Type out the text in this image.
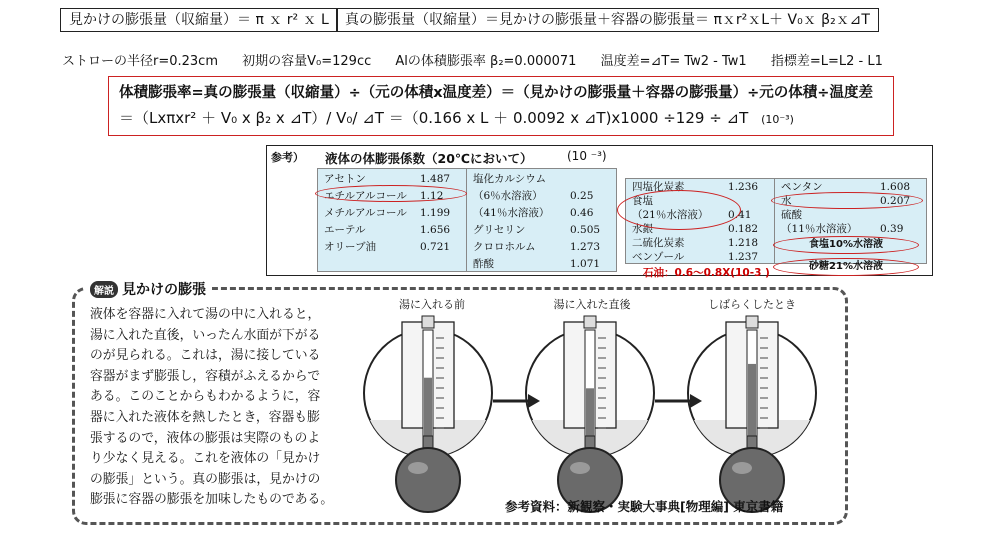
見かけの膨張量（収縮量）＝ π ｘ r² ｘ L	真の膨張量（収縮量）＝見かけの膨張量＋容器の膨張量＝ πｘr²ｘL＋ V₀ｘ β₂ｘ⊿T
ストローの半径r=0.23cm 初期の容量V₀=129cc Alの体積膨張率 β₂=0.000071 温度差=⊿T= Tw2 - Tw1 指標差=L=L2 - L1
体積膨張率=真の膨張量（収縮量）÷（元の体積x温度差）＝（見かけの膨張量＋容器の膨張量）÷元の体積÷温度差
＝（Lxπxr² ＋ V₀ x β₂ x ⊿T）/ V₀/ ⊿T ＝（0.166 x L ＋ 0.0092 x ⊿T)x1000 ÷129 ÷ ⊿T (10⁻³)
参考） 液体の体膨張係数（20℃において）	(10 ⁻³)
アセトン	1.487
エチルアルコール	1.12
メチルアルコール	1.199
エーテル	1.656
オリーブ油	0.721
塩化カルシウム
（6％水溶液）	0.25
（41％水溶液）	0.46
グリセリン	0.505
クロロホルム	1.273
酢酸	1.071
四塩化炭素	1.236
食塩
（21％水溶液）	0.41
水銀	0.182
二硫化炭素	1.218
ベンゾール	1.237
ペンタン	1.608
水	0.207
硫酸
（11％水溶液）	0.39
食塩10%水溶液
砂糖21%水溶液
石油：0.6～0.8X(10-3 )
解説 見かけの膨張
液体を容器に入れて湯の中に入れると，
湯に入れた直後，いったん水面が下がる
のが見られる。これは，湯に接している
容器がまず膨張し，容積がふえるからで
ある。このことからもわかるように，容
器に入れた液体を熱したとき，容器も膨
張するので，液体の膨張は実際のものよ
り少なく見える。これを液体の「見かけ
の膨張」という。真の膨張は，見かけの
膨張に容器の膨張を加味したものである。
湯に入れる前	湯に入れた直後	しばらくしたとき
参考資料：新観察・実験大事典[物理編] 東京書籍
